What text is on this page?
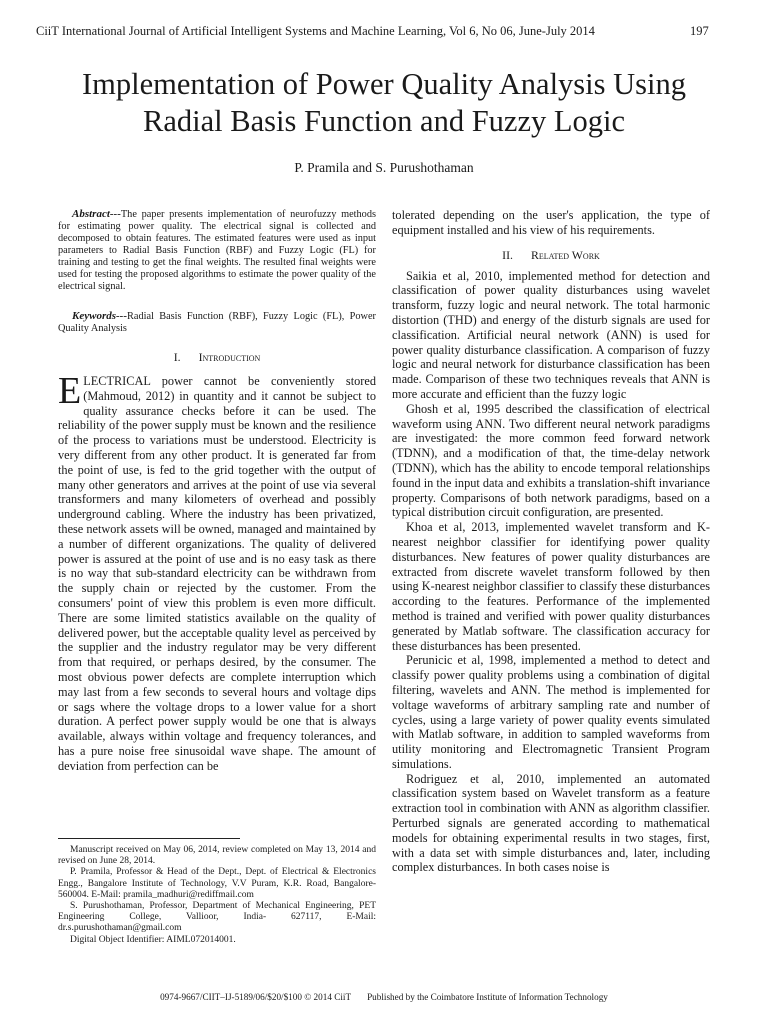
CiiT International Journal of Artificial Intelligent Systems and Machine Learning, Vol 6, No 06, June-July 2014	197
Implementation of Power Quality Analysis Using
Radial Basis Function and Fuzzy Logic
P. Pramila and S. Purushothaman

Abstract---The paper presents implementation of neurofuzzy methods for estimating power quality. The electrical signal is collected and decomposed to obtain features. The estimated features were used as input parameters to Radial Basis Function (RBF) and Fuzzy Logic (FL) for training and testing to get the final weights. The resulted final weights were used for testing the proposed algorithms to estimate the power quality of the electrical signal.

Keywords---Radial Basis Function (RBF), Fuzzy Logic (FL), Power Quality Analysis

I. Introduction

ELECTRICAL power cannot be conveniently stored (Mahmoud, 2012) in quantity and it cannot be subject to quality assurance checks before it can be used. The reliability of the power supply must be known and the resilience of the process to variations must be understood. Electricity is very different from any other product. It is generated far from the point of use, is fed to the grid together with the output of many other generators and arrives at the point of use via several transformers and many kilometers of overhead and possibly underground cabling. Where the industry has been privatized, these network assets will be owned, managed and maintained by a number of different organizations. The quality of delivered power is assured at the point of use and is no easy task as there is no way that sub-standard electricity can be withdrawn from the supply chain or rejected by the customer. From the consumers' point of view this problem is even more difficult. There are some limited statistics available on the quality of delivered power, but the acceptable quality level as perceived by the supplier and the industry regulator may be very different from that required, or perhaps desired, by the consumer. The most obvious power defects are complete interruption which may last from a few seconds to several hours and voltage dips or sags where the voltage drops to a lower value for a short duration. A perfect power supply would be one that is always available, always within voltage and frequency tolerances, and has a pure noise free sinusoidal wave shape. The amount of deviation from perfection can be

Manuscript received on May 06, 2014, review completed on May 13, 2014 and revised on June 28, 2014.

P. Pramila, Professor & Head of the Dept., Dept. of Electrical & Electronics Engg., Bangalore Institute of Technology, V.V Puram, K.R. Road, Bangalore-560004. E-Mail: pramila_madhuri@rediffmail.com

S. Purushothaman, Professor, Department of Mechanical Engineering, PET Engineering College, Vallioor, India- 627117, E-Mail: dr.s.purushothaman@gmail.com

Digital Object Identifier: AIML072014001.

tolerated depending on the user's application, the type of equipment installed and his view of his requirements.

II. Related Work

Saikia et al, 2010, implemented method for detection and classification of power quality disturbances using wavelet transform, fuzzy logic and neural network. The total harmonic distortion (THD) and energy of the disturb signals are used for classification. Artificial neural network (ANN) is used for power quality disturbance classification. A comparison of fuzzy logic and neural network for disturbance classification has been made. Comparison of these two techniques reveals that ANN is more accurate and efficient than the fuzzy logic

Ghosh et al, 1995 described the classification of electrical waveform using ANN. Two different neural network paradigms are investigated: the more common feed forward network (TDNN), and a modification of that, the time-delay network (TDNN), which has the ability to encode temporal relationships found in the input data and exhibits a translation-shift invariance property. Comparisons of both network paradigms, based on a typical distribution circuit configuration, are presented.

Khoa et al, 2013, implemented wavelet transform and K-nearest neighbor classifier for identifying power quality disturbances. New features of power quality disturbances are extracted from discrete wavelet transform followed by then using K-nearest neighbor classifier to classify these disturbances according to the features. Performance of the implemented method is trained and verified with power quality disturbances generated by Matlab software. The classification accuracy for these disturbances has been presented.

Perunicic et al, 1998, implemented a method to detect and classify power quality problems using a combination of digital filtering, wavelets and ANN. The method is implemented for voltage waveforms of arbitrary sampling rate and number of cycles, using a large variety of power quality events simulated with Matlab software, in addition to sampled waveforms from utility monitoring and Electromagnetic Transient Program simulations.

Rodriguez et al, 2010, implemented an automated classification system based on Wavelet transform as a feature extraction tool in combination with ANN as algorithm classifier. Perturbed signals are generated according to mathematical models for obtaining experimental results in two stages, first, with a data set with simple disturbances and, later, including complex disturbances. In both cases noise is

0974-9667/CIIT–IJ-5189/06/$20/$100 © 2014 CiiT Published by the Coimbatore Institute of Information Technology
